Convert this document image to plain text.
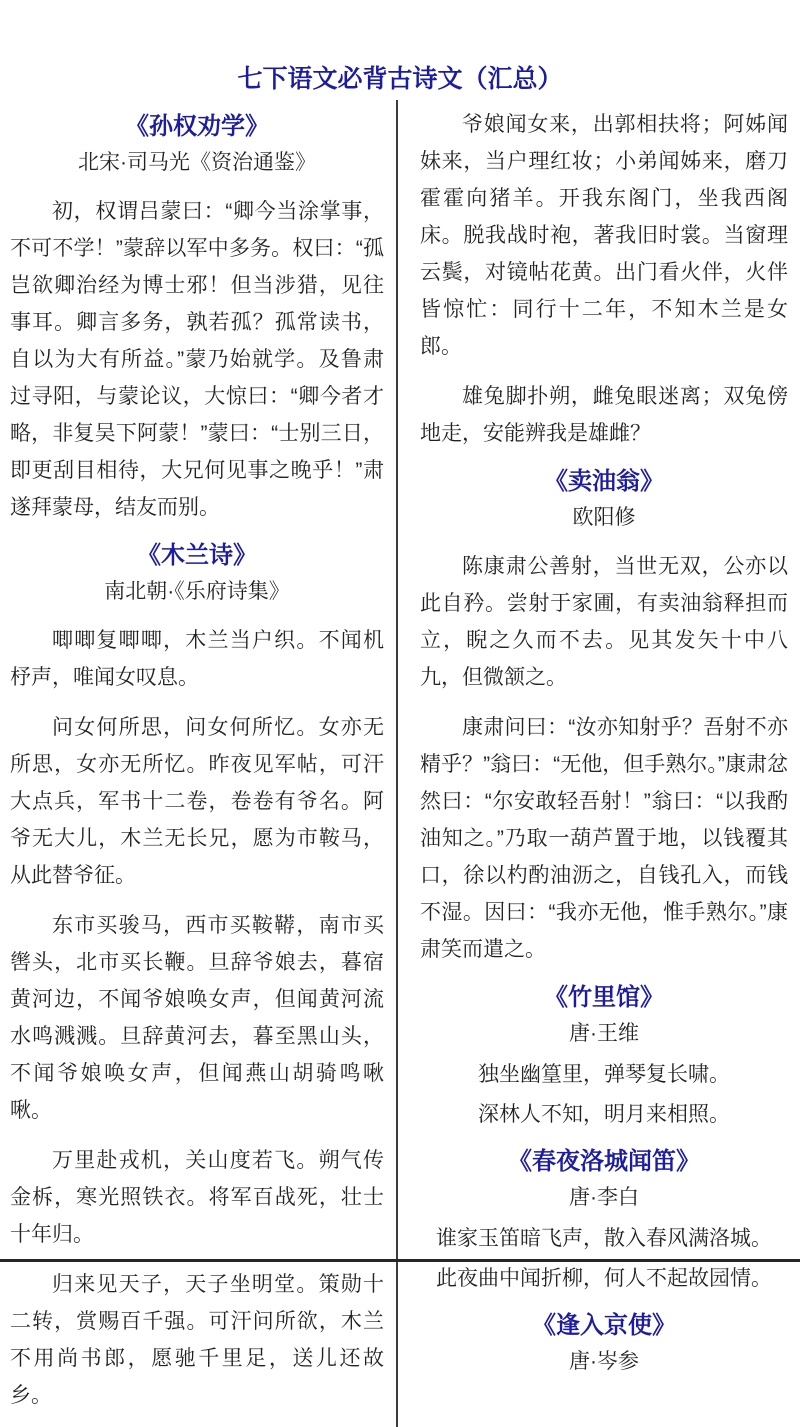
七下语文必背古诗文（汇总）
《孙权劝学》
北宋·司马光《资治通鉴》

初，权谓吕蒙曰：“卿今当涂掌事，不可不学！”蒙辞以军中多务。权曰：“孤岂欲卿治经为博士邪！但当涉猎，见往事耳。卿言多务，孰若孤？孤常读书，自以为大有所益。”蒙乃始就学。及鲁肃过寻阳，与蒙论议，大惊曰：“卿今者才略，非复吴下阿蒙！”蒙曰：“士别三日，即更刮目相待，大兄何见事之晚乎！”肃遂拜蒙母，结友而别。

《木兰诗》
南北朝·《乐府诗集》

唧唧复唧唧，木兰当户织。不闻机杼声，唯闻女叹息。

问女何所思，问女何所忆。女亦无所思，女亦无所忆。昨夜见军帖，可汗大点兵，军书十二卷，卷卷有爷名。阿爷无大儿，木兰无长兄，愿为市鞍马，从此替爷征。

东市买骏马，西市买鞍鞯，南市买辔头，北市买长鞭。旦辞爷娘去，暮宿黄河边，不闻爷娘唤女声，但闻黄河流水鸣溅溅。旦辞黄河去，暮至黑山头，不闻爷娘唤女声，但闻燕山胡骑鸣啾啾。

万里赴戎机，关山度若飞。朔气传金柝，寒光照铁衣。将军百战死，壮士十年归。

归来见天子，天子坐明堂。策勋十二转，赏赐百千强。可汗问所欲，木兰不用尚书郎，愿驰千里足，送儿还故乡。

爷娘闻女来，出郭相扶将；阿姊闻妹来，当户理红妆；小弟闻姊来，磨刀霍霍向猪羊。开我东阁门，坐我西阁床。脱我战时袍，著我旧时裳。当窗理云鬓，对镜帖花黄。出门看火伴，火伴皆惊忙：同行十二年，不知木兰是女郎。

雄兔脚扑朔，雌兔眼迷离；双兔傍地走，安能辨我是雄雌？

《卖油翁》
欧阳修

陈康肃公善射，当世无双，公亦以此自矜。尝射于家圃，有卖油翁释担而立，睨之久而不去。见其发矢十中八九，但微颔之。

康肃问曰：“汝亦知射乎？吾射不亦精乎？”翁曰：“无他，但手熟尔。”康肃忿然曰：“尔安敢轻吾射！”翁曰：“以我酌油知之。”乃取一葫芦置于地，以钱覆其口，徐以杓酌油沥之，自钱孔入，而钱不湿。因曰：“我亦无他，惟手熟尔。”康肃笑而遣之。

《竹里馆》
唐·王维
独坐幽篁里，弹琴复长啸。
深林人不知，明月来相照。
《春夜洛城闻笛》
唐·李白
谁家玉笛暗飞声，散入春风满洛城。
此夜曲中闻折柳，何人不起故园情。
《逢入京使》
唐·岑参
